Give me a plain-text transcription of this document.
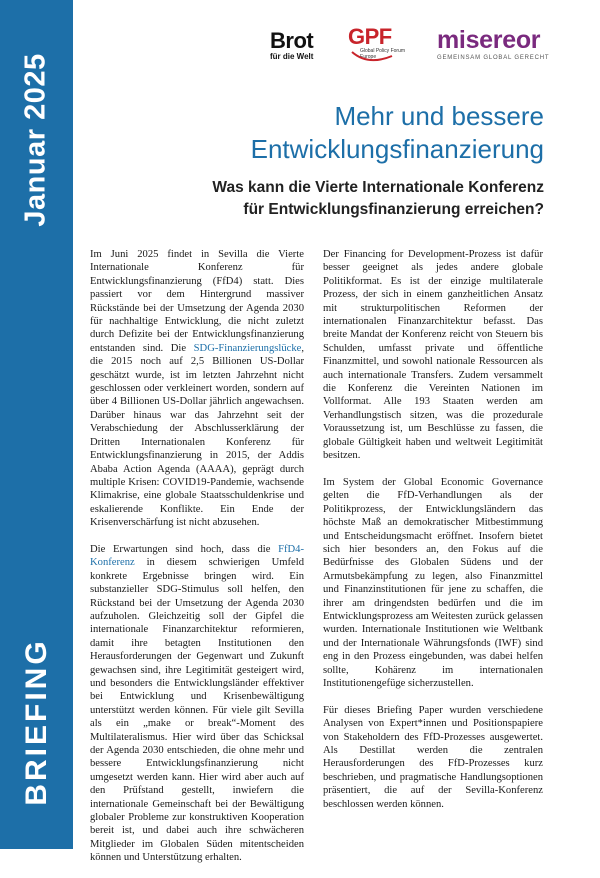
Januar 2025
BRIEFING
Brot
für die Welt
GPF
Global Policy Forum Europe
misereor
GEMEINSAM GLOBAL GERECHT
Mehr und bessere
Entwicklungsfinanzierung
Was kann die Vierte Internationale Konferenz
für Entwicklungsfinanzierung erreichen?

Im Juni 2025 findet in Sevilla die Vierte Internationale Konferenz für Entwicklungsfinanzierung (FfD4) statt. Dies passiert vor dem Hintergrund massiver Rückstände bei der Umsetzung der Agenda 2030 für nachhaltige Entwicklung, die nicht zuletzt durch Defizite bei der Entwicklungsfinanzierung entstanden sind. Die SDG-Finanzierungslücke, die 2015 noch auf 2,5 Billionen US-Dollar geschätzt wurde, ist im letzten Jahrzehnt nicht geschlossen oder verkleinert worden, sondern auf über 4 Billionen US-Dollar jährlich angewachsen. Darüber hinaus war das Jahrzehnt seit der Verabschiedung der Abschlusserklärung der Dritten Internationalen Konferenz für Entwicklungsfinanzierung in 2015, der Addis Ababa Action Agenda (AAAA), geprägt durch multiple Krisen: COVID19-Pandemie, wachsende Klimakrise, eine globale Staatsschuldenkrise und eskalierende Konflikte. Ein Ende der Krisenverschärfung ist nicht abzusehen.

Die Erwartungen sind hoch, dass die FfD4-Konferenz in diesem schwierigen Umfeld konkrete Ergebnisse bringen wird. Ein substanzieller SDG-Stimulus soll helfen, den Rückstand bei der Umsetzung der Agenda 2030 aufzuholen. Gleichzeitig soll der Gipfel die internationale Finanzarchitektur reformieren, damit ihre betagten Institutionen den Herausforderungen der Gegenwart und Zukunft gewachsen sind, ihre Legitimität gesteigert wird, und besonders die Entwicklungsländer effektiver bei Entwicklung und Krisenbewältigung unterstützt werden können. Für viele gilt Sevilla als ein „make or break“-Moment des Multilateralismus. Hier wird über das Schicksal der Agenda 2030 entschieden, die ohne mehr und bessere Entwicklungsfinanzierung nicht umgesetzt werden kann. Hier wird aber auch auf den Prüfstand gestellt, inwiefern die internationale Gemeinschaft bei der Bewältigung globaler Probleme zur konstruktiven Kooperation bereit ist, und dabei auch ihre schwächeren Mitglieder im Globalen Süden mitentscheiden können und Unterstützung erhalten.

Der Financing for Development-Prozess ist dafür besser geeignet als jedes andere globale Politikformat. Es ist der einzige multilaterale Prozess, der sich in einem ganzheitlichen Ansatz mit strukturpolitischen Reformen der internationalen Finanzarchitektur befasst. Das breite Mandat der Konferenz reicht von Steuern bis Schulden, umfasst private und öffentliche Finanzmittel, und sowohl nationale Ressourcen als auch internationale Transfers. Zudem versammelt die Konferenz die Vereinten Nationen im Vollformat. Alle 193 Staaten werden am Verhandlungstisch sitzen, was die prozedurale Voraussetzung ist, um Beschlüsse zu fassen, die globale Gültigkeit haben und weltweit Legitimität besitzen.

Im System der Global Economic Governance gelten die FfD-Verhandlungen als der Politikprozess, der Entwicklungsländern das höchste Maß an demokratischer Mitbestimmung und Entscheidungsmacht eröffnet. Insofern bietet sich hier besonders an, den Fokus auf die Bedürfnisse des Globalen Südens und der Armutsbekämpfung zu legen, also Finanzmittel und Finanzinstitutionen für jene zu schaffen, die ihrer am dringendsten bedürfen und die im Entwicklungsprozess am Weitesten zurück gelassen wurden. Internationale Institutionen wie Weltbank und der Internationale Währungsfonds (IWF) sind eng in den Prozess eingebunden, was dabei helfen sollte, Kohärenz im internationalen Institutionengefüge sicherzustellen.

Für dieses Briefing Paper wurden verschiedene Analysen von Expert*innen und Positionspapiere von Stakeholdern des FfD-Prozesses ausgewertet. Als Destillat werden die zentralen Herausforderungen des FfD-Prozesses kurz beschrieben, und pragmatische Handlungsoptionen präsentiert, die auf der Sevilla-Konferenz beschlossen werden können.
